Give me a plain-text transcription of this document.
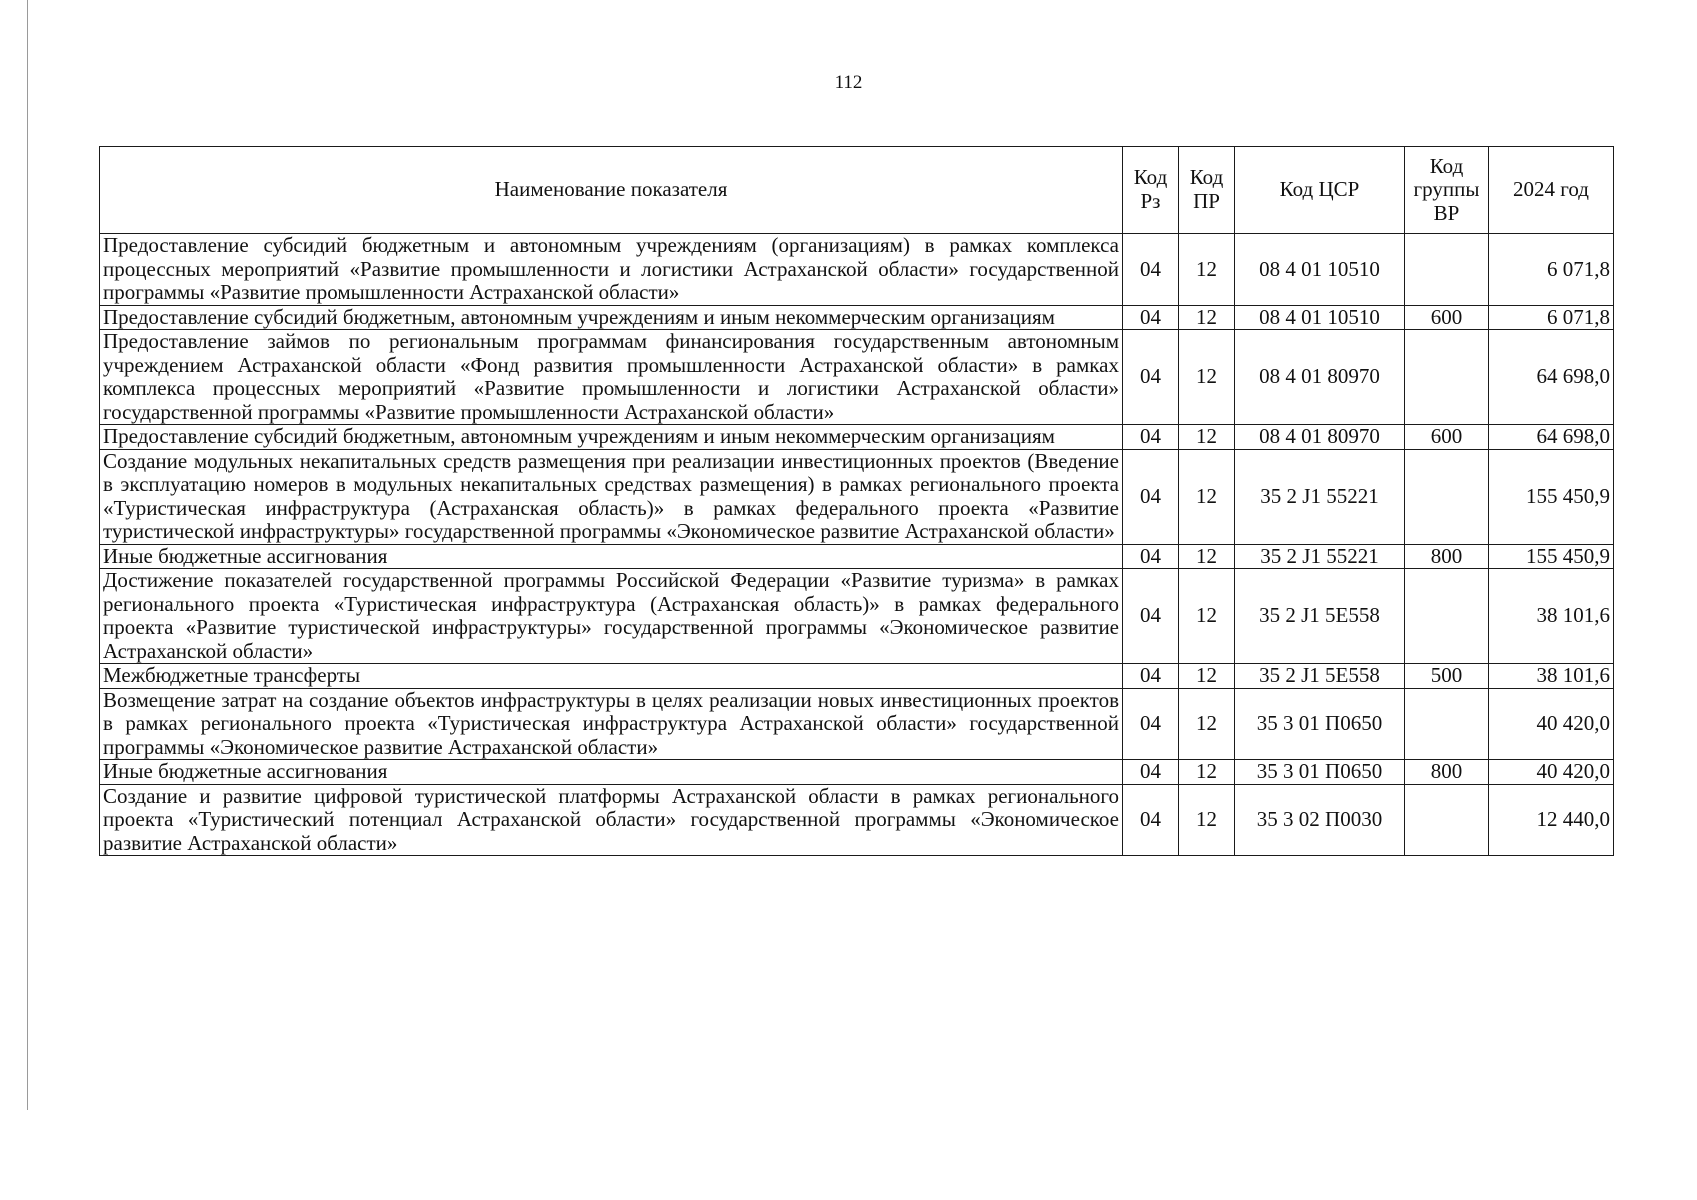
112
Наименование показателя	Код Рз	Код ПР	Код ЦСР	Код группы ВР	2024 год
Предоставление субсидий бюджетным и автономным учреждениям (организациям) в рамках комплекса процессных мероприятий «Развитие промышленности и логистики Астраханской области» государственной программы «Развитие промышленности Астраханской области»	04	12	08 4 01 10510		6 071,8
Предоставление субсидий бюджетным, автономным учреждениям и иным некоммерческим организациям	04	12	08 4 01 10510	600	6 071,8
Предоставление займов по региональным программам финансирования государственным автономным учреждением Астраханской области «Фонд развития промышленности Астраханской области» в рамках комплекса процессных мероприятий «Развитие промышленности и логистики Астраханской области» государственной программы «Развитие промышленности Астраханской области»	04	12	08 4 01 80970		64 698,0
Предоставление субсидий бюджетным, автономным учреждениям и иным некоммерческим организациям	04	12	08 4 01 80970	600	64 698,0
Создание модульных некапитальных средств размещения при реализации инвестиционных проектов (Введение в эксплуатацию номеров в модульных некапитальных средствах размещения) в рамках регионального проекта «Туристическая инфраструктура (Астраханская область)» в рамках федерального проекта «Развитие туристической инфраструктуры» государственной программы «Экономическое развитие Астраханской области»	04	12	35 2 J1 55221		155 450,9
Иные бюджетные ассигнования	04	12	35 2 J1 55221	800	155 450,9
Достижение показателей государственной программы Российской Федерации «Развитие туризма» в рамках регионального проекта «Туристическая инфраструктура (Астраханская область)» в рамках федерального проекта «Развитие туристической инфраструктуры» государственной программы «Экономическое развитие Астраханской области»	04	12	35 2 J1 5Е558		38 101,6
Межбюджетные трансферты	04	12	35 2 J1 5Е558	500	38 101,6
Возмещение затрат на создание объектов инфраструктуры в целях реализации новых инвестиционных проектов в рамках регионального проекта «Туристическая инфраструктура Астраханской области» государственной программы «Экономическое развитие Астраханской области»	04	12	35 3 01 П0650		40 420,0
Иные бюджетные ассигнования	04	12	35 3 01 П0650	800	40 420,0
Создание и развитие цифровой туристической платформы Астраханской области в рамках регионального проекта «Туристический потенциал Астраханской области» государственной программы «Экономическое развитие Астраханской области»	04	12	35 3 02 П0030		12 440,0
